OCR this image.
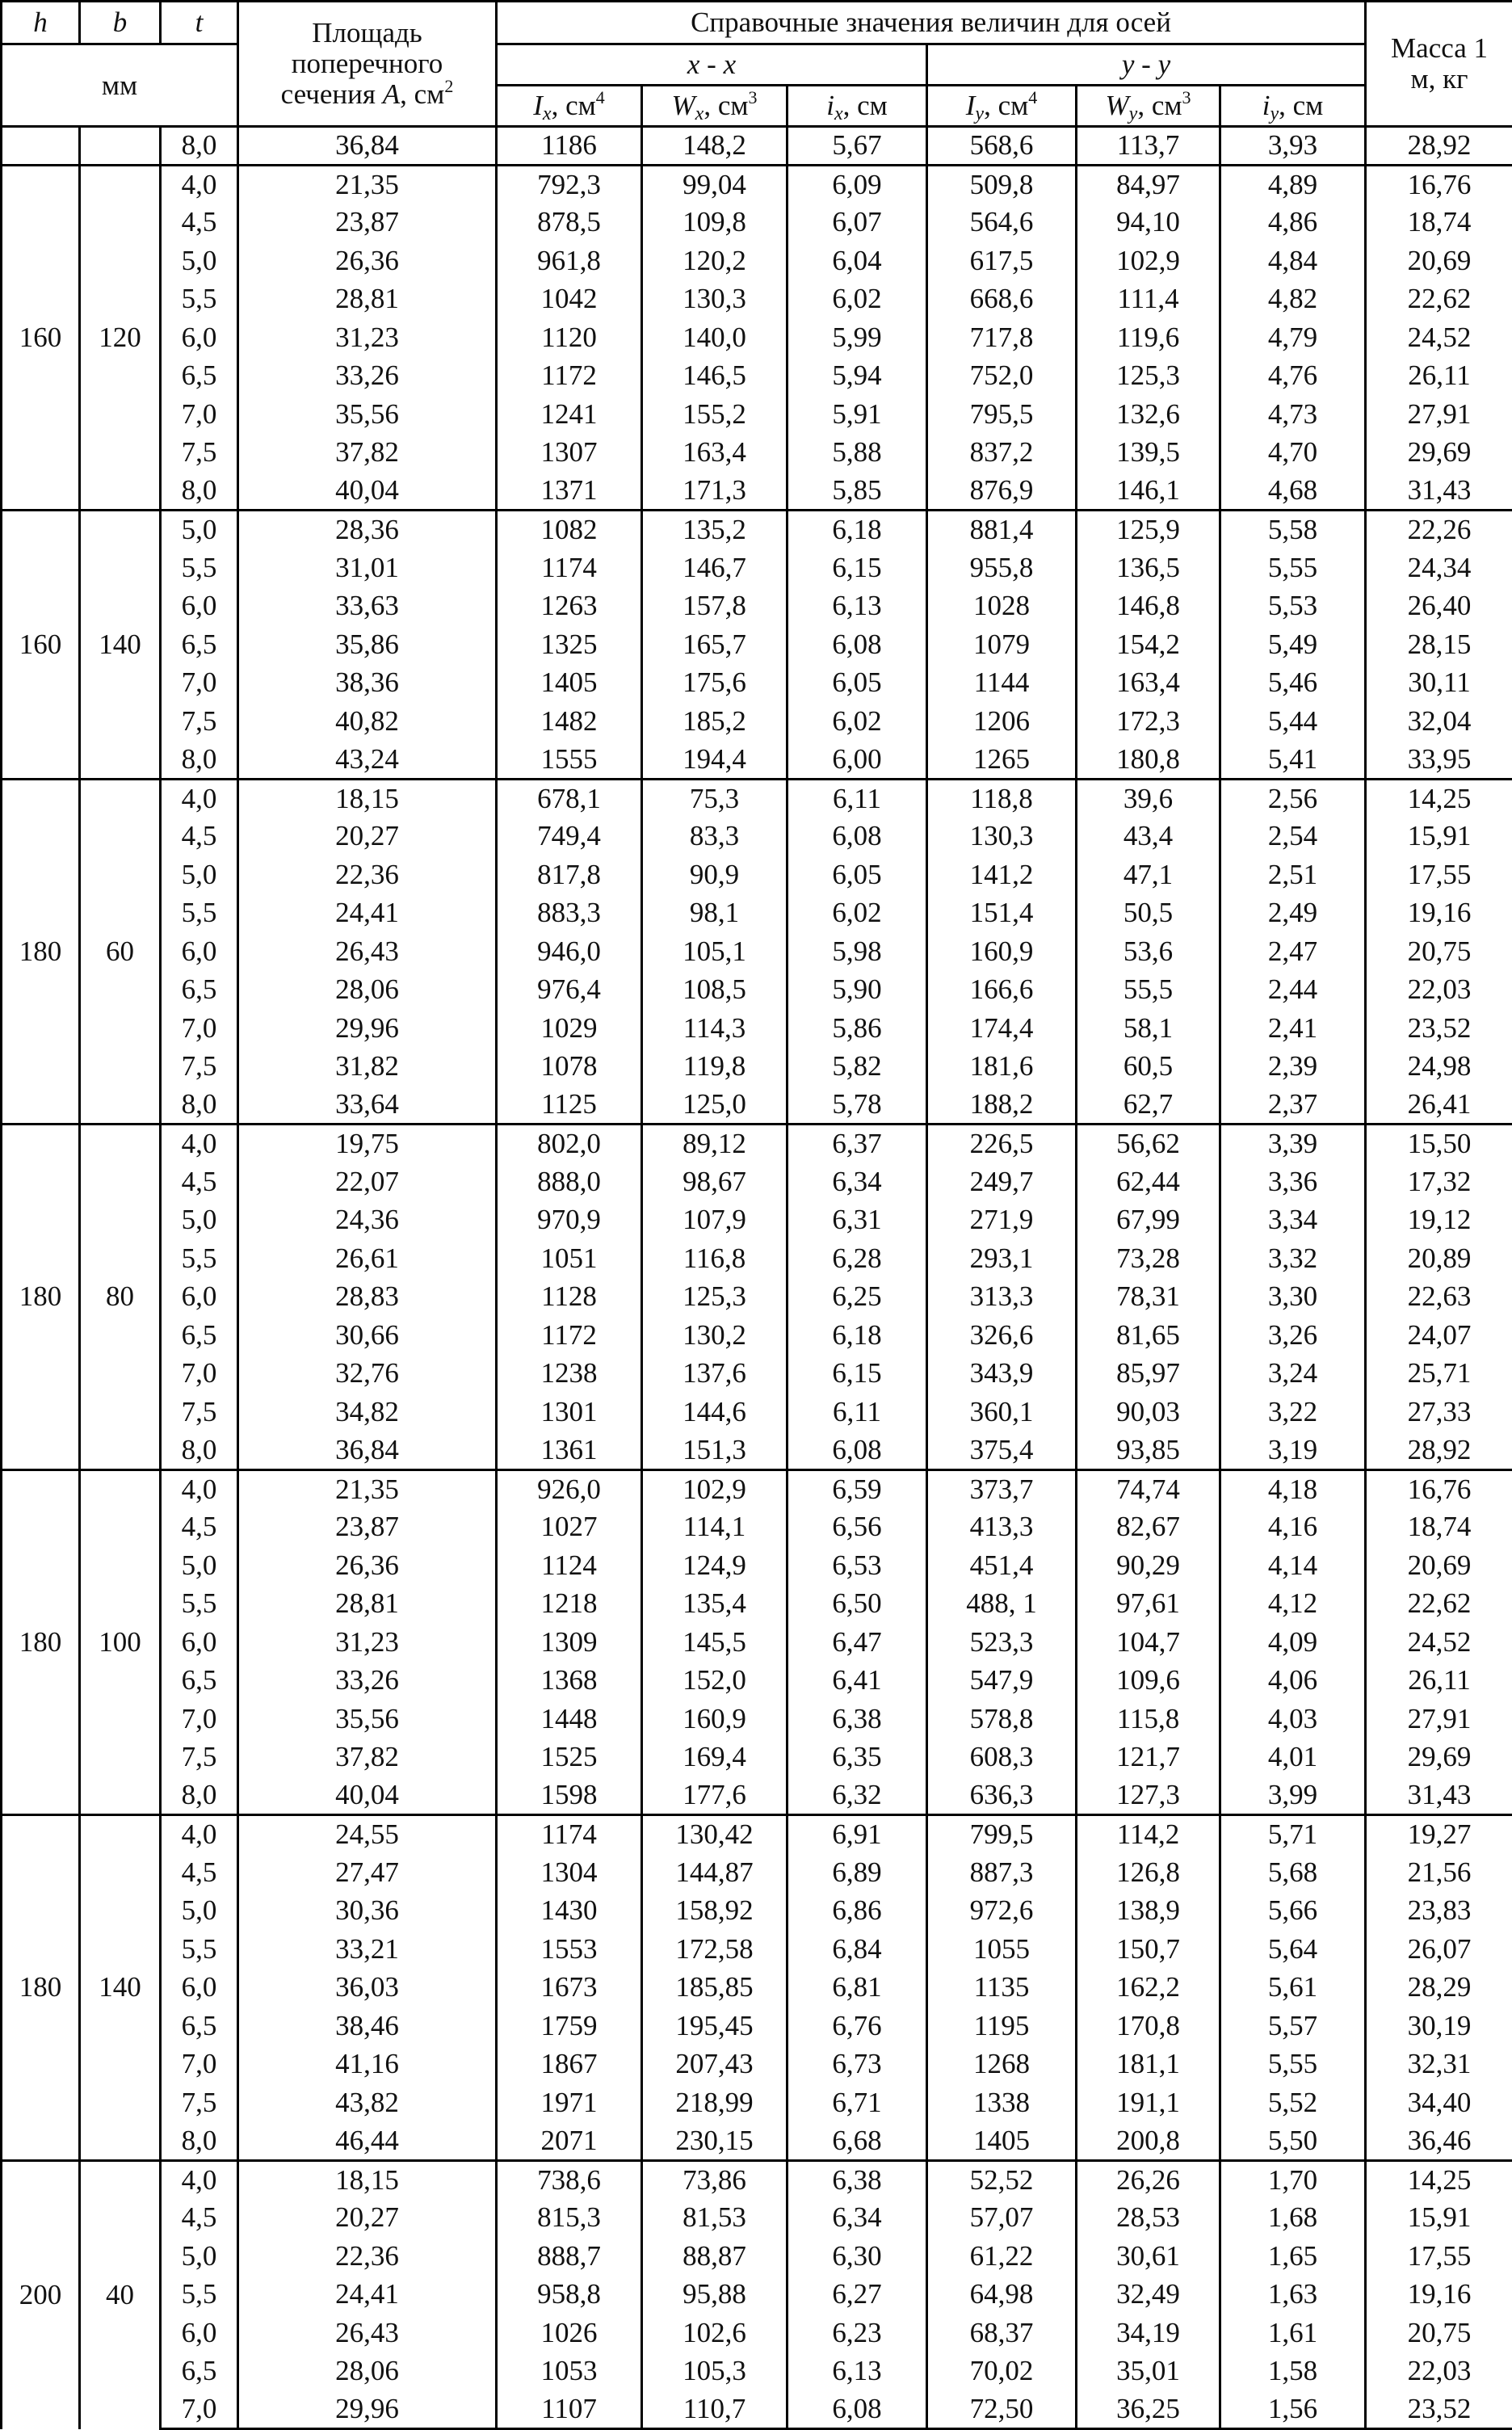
h	b	t	Площадь
поперечного
сечения A, $см^2$	Справочные значения величин для осей						Масса 1
м, кг
мм				x - x			y - y			
				$I_x$, $см^4$	$W_x$, $см^3$	$i_x$, см	$I_y$, $см^4$	$W_y$, $см^3$	$i_y$, см	
		8,0	36,84	1186	148,2	5,67	568,6	113,7	3,93	28,92
160	120	4,0	21,35	792,3	99,04	6,09	509,8	84,97	4,89	16,76
		4,5	23,87	878,5	109,8	6,07	564,6	94,10	4,86	18,74
		5,0	26,36	961,8	120,2	6,04	617,5	102,9	4,84	20,69
		5,5	28,81	1042	130,3	6,02	668,6	111,4	4,82	22,62
		6,0	31,23	1120	140,0	5,99	717,8	119,6	4,79	24,52
		6,5	33,26	1172	146,5	5,94	752,0	125,3	4,76	26,11
		7,0	35,56	1241	155,2	5,91	795,5	132,6	4,73	27,91
		7,5	37,82	1307	163,4	5,88	837,2	139,5	4,70	29,69
		8,0	40,04	1371	171,3	5,85	876,9	146,1	4,68	31,43
160	140	5,0	28,36	1082	135,2	6,18	881,4	125,9	5,58	22,26
		5,5	31,01	1174	146,7	6,15	955,8	136,5	5,55	24,34
		6,0	33,63	1263	157,8	6,13	1028	146,8	5,53	26,40
		6,5	35,86	1325	165,7	6,08	1079	154,2	5,49	28,15
		7,0	38,36	1405	175,6	6,05	1144	163,4	5,46	30,11
		7,5	40,82	1482	185,2	6,02	1206	172,3	5,44	32,04
		8,0	43,24	1555	194,4	6,00	1265	180,8	5,41	33,95
180	60	4,0	18,15	678,1	75,3	6,11	118,8	39,6	2,56	14,25
		4,5	20,27	749,4	83,3	6,08	130,3	43,4	2,54	15,91
		5,0	22,36	817,8	90,9	6,05	141,2	47,1	2,51	17,55
		5,5	24,41	883,3	98,1	6,02	151,4	50,5	2,49	19,16
		6,0	26,43	946,0	105,1	5,98	160,9	53,6	2,47	20,75
		6,5	28,06	976,4	108,5	5,90	166,6	55,5	2,44	22,03
		7,0	29,96	1029	114,3	5,86	174,4	58,1	2,41	23,52
		7,5	31,82	1078	119,8	5,82	181,6	60,5	2,39	24,98
		8,0	33,64	1125	125,0	5,78	188,2	62,7	2,37	26,41
180	80	4,0	19,75	802,0	89,12	6,37	226,5	56,62	3,39	15,50
		4,5	22,07	888,0	98,67	6,34	249,7	62,44	3,36	17,32
		5,0	24,36	970,9	107,9	6,31	271,9	67,99	3,34	19,12
		5,5	26,61	1051	116,8	6,28	293,1	73,28	3,32	20,89
		6,0	28,83	1128	125,3	6,25	313,3	78,31	3,30	22,63
		6,5	30,66	1172	130,2	6,18	326,6	81,65	3,26	24,07
		7,0	32,76	1238	137,6	6,15	343,9	85,97	3,24	25,71
		7,5	34,82	1301	144,6	6,11	360,1	90,03	3,22	27,33
		8,0	36,84	1361	151,3	6,08	375,4	93,85	3,19	28,92
180	100	4,0	21,35	926,0	102,9	6,59	373,7	74,74	4,18	16,76
		4,5	23,87	1027	114,1	6,56	413,3	82,67	4,16	18,74
		5,0	26,36	1124	124,9	6,53	451,4	90,29	4,14	20,69
		5,5	28,81	1218	135,4	6,50	488, 1	97,61	4,12	22,62
		6,0	31,23	1309	145,5	6,47	523,3	104,7	4,09	24,52
		6,5	33,26	1368	152,0	6,41	547,9	109,6	4,06	26,11
		7,0	35,56	1448	160,9	6,38	578,8	115,8	4,03	27,91
		7,5	37,82	1525	169,4	6,35	608,3	121,7	4,01	29,69
		8,0	40,04	1598	177,6	6,32	636,3	127,3	3,99	31,43
180	140	4,0	24,55	1174	130,42	6,91	799,5	114,2	5,71	19,27
		4,5	27,47	1304	144,87	6,89	887,3	126,8	5,68	21,56
		5,0	30,36	1430	158,92	6,86	972,6	138,9	5,66	23,83
		5,5	33,21	1553	172,58	6,84	1055	150,7	5,64	26,07
		6,0	36,03	1673	185,85	6,81	1135	162,2	5,61	28,29
		6,5	38,46	1759	195,45	6,76	1195	170,8	5,57	30,19
		7,0	41,16	1867	207,43	6,73	1268	181,1	5,55	32,31
		7,5	43,82	1971	218,99	6,71	1338	191,1	5,52	34,40
		8,0	46,44	2071	230,15	6,68	1405	200,8	5,50	36,46
200	40	4,0	18,15	738,6	73,86	6,38	52,52	26,26	1,70	14,25
		4,5	20,27	815,3	81,53	6,34	57,07	28,53	1,68	15,91
		5,0	22,36	888,7	88,87	6,30	61,22	30,61	1,65	17,55
		5,5	24,41	958,8	95,88	6,27	64,98	32,49	1,63	19,16
		6,0	26,43	1026	102,6	6,23	68,37	34,19	1,61	20,75
		6,5	28,06	1053	105,3	6,13	70,02	35,01	1,58	22,03
		7,0	29,96	1107	110,7	6,08	72,50	36,25	1,56	23,52
